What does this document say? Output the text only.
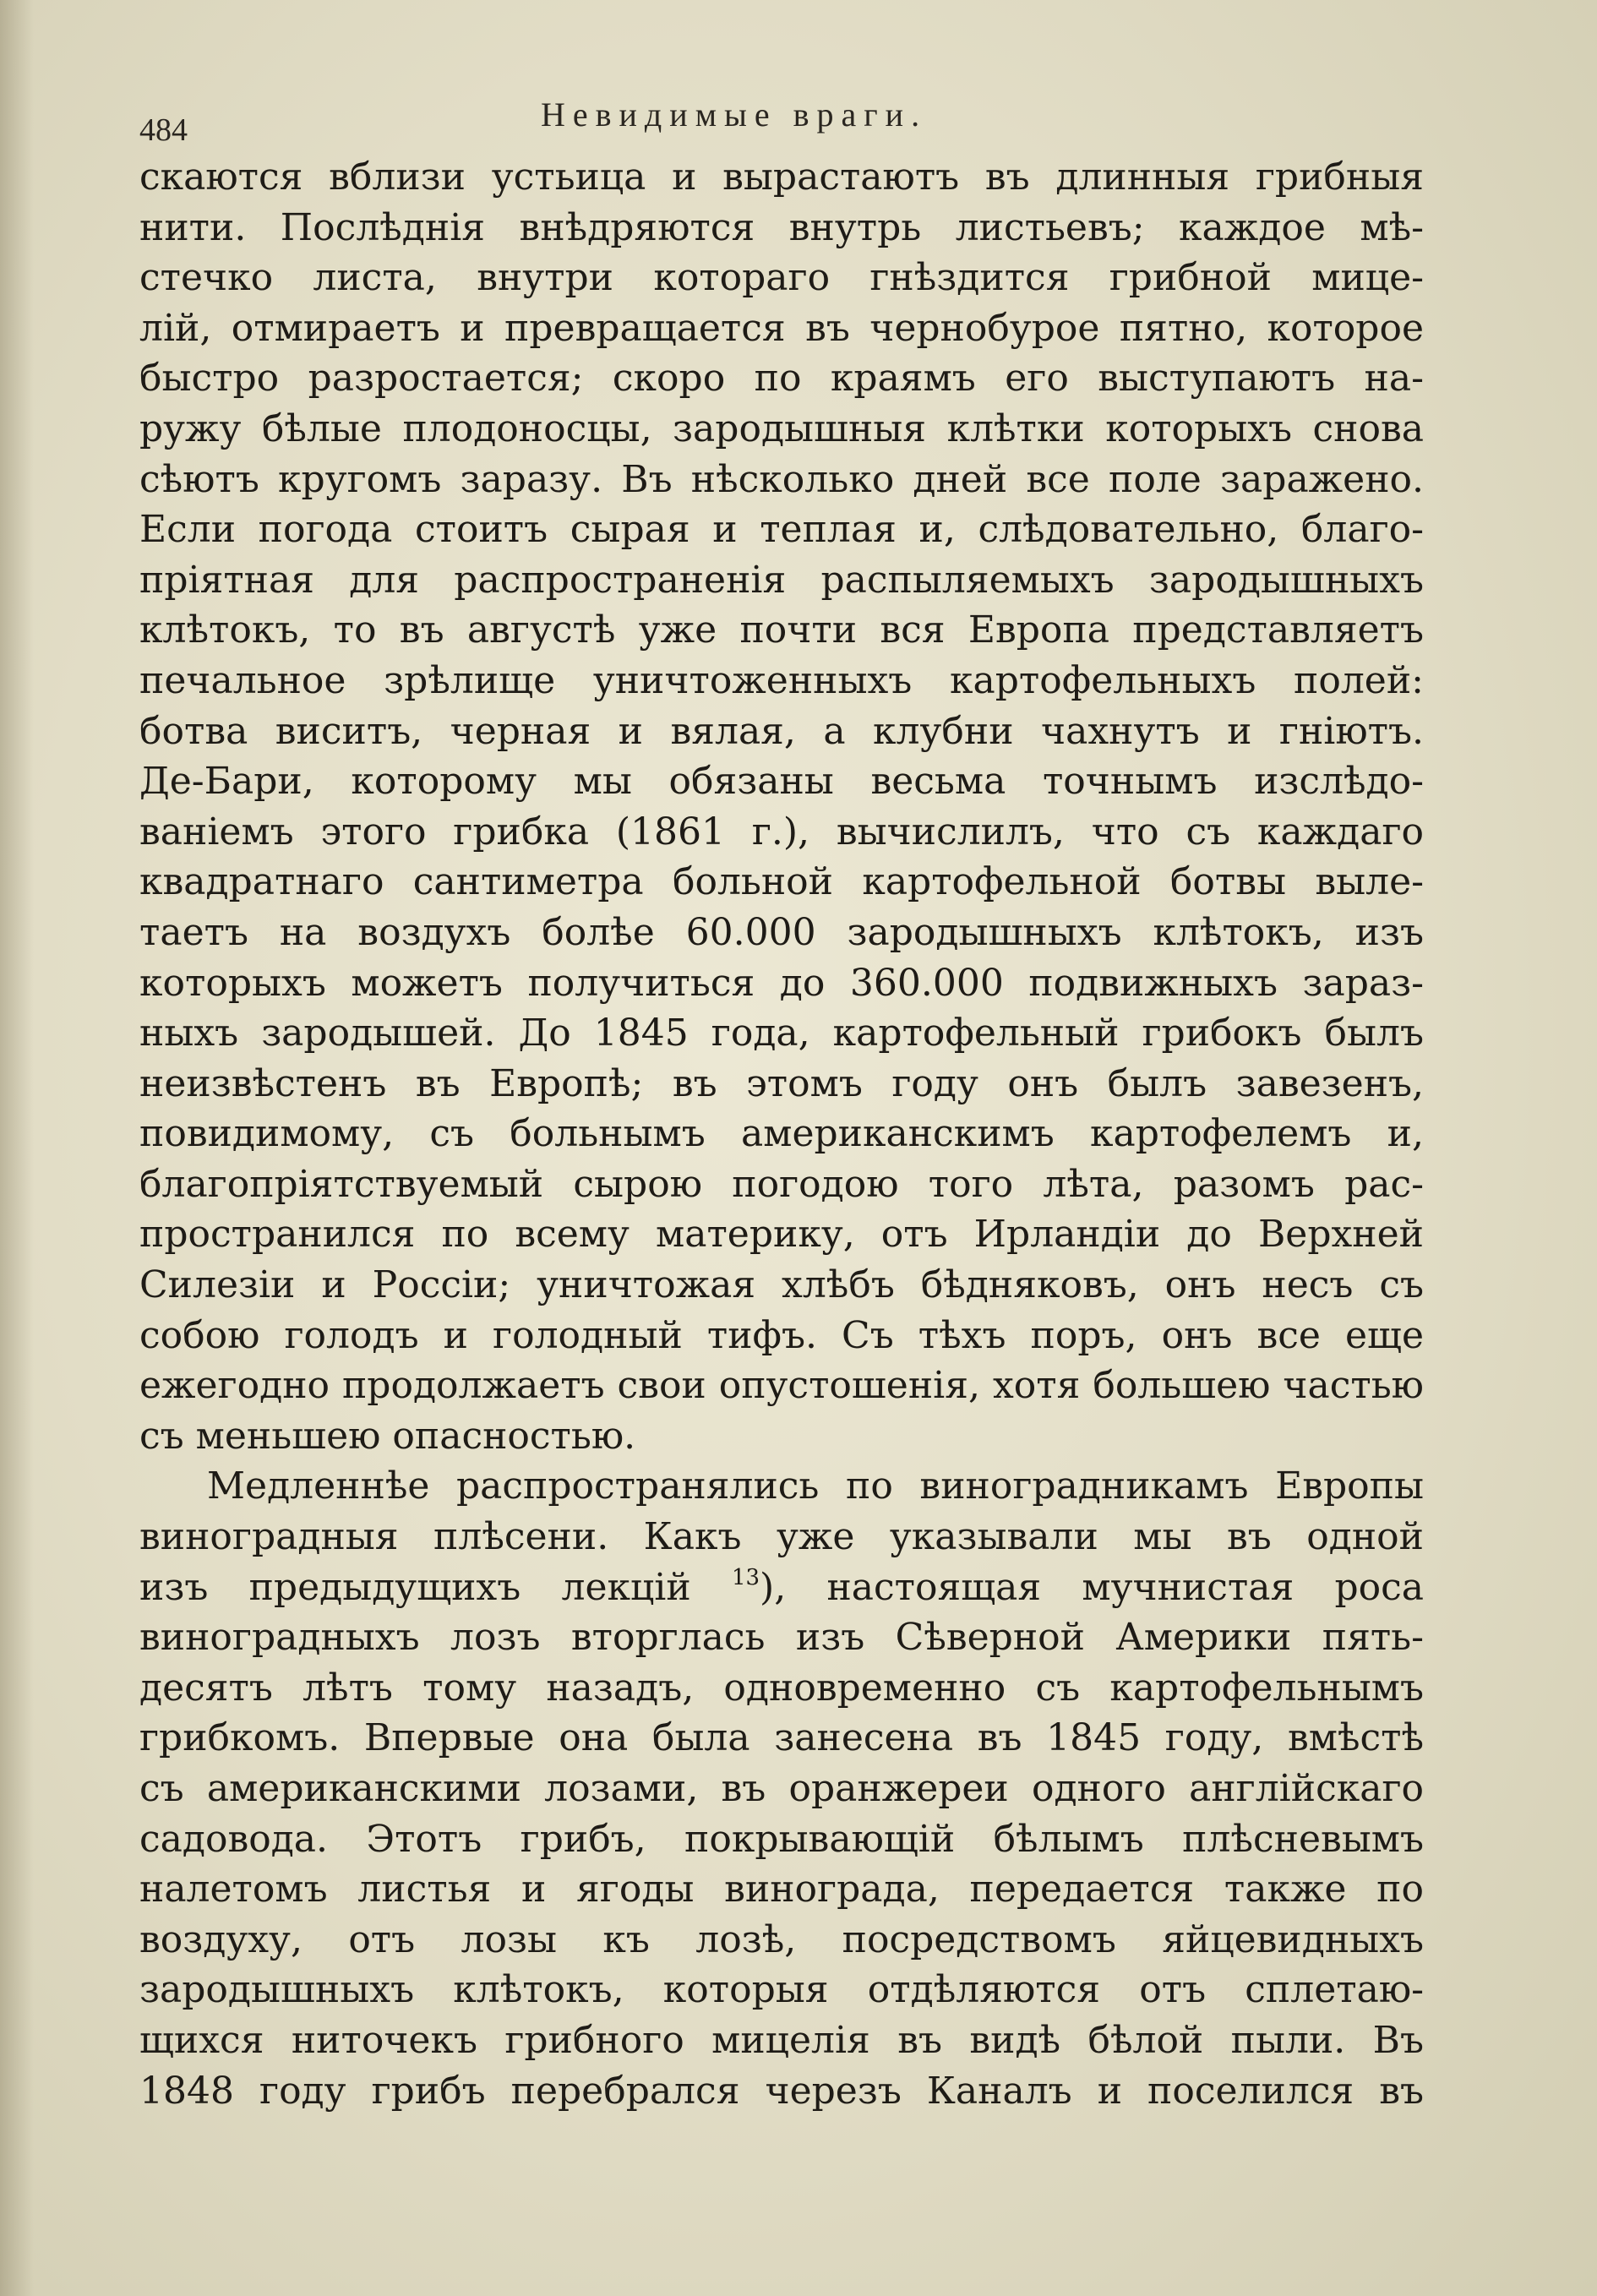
484	Невидимые враги.
скаются вблизи устьица и вырастаютъ въ длинныя грибныя
нити. Послѣднія внѣдряются внутрь листьевъ; каждое мѣ-
стечко листа, внутри котораго гнѣздится грибной мице-
лій, отмираетъ и превращается въ чернобурое пятно, которое
быстро разростается; скоро по краямъ его выступаютъ на-
ружу бѣлые плодоносцы, зародышныя клѣтки которыхъ снова
сѣютъ кругомъ заразу. Въ нѣсколько дней все поле заражено.
Если погода стоитъ сырая и теплая и, слѣдовательно, благо-
пріятная для распространенія распыляемыхъ зародышныхъ
клѣтокъ, то въ августѣ уже почти вся Европа представляетъ
печальное зрѣлище уничтоженныхъ картофельныхъ полей:
ботва виситъ, черная и вялая, а клубни чахнутъ и гніютъ.
Де-Бари, которому мы обязаны весьма точнымъ изслѣдо-
ваніемъ этого грибка (1861 г.), вычислилъ, что съ каждаго
квадратнаго сантиметра больной картофельной ботвы выле-
таетъ на воздухъ болѣе 60.000 зародышныхъ клѣтокъ, изъ
которыхъ можетъ получиться до 360.000 подвижныхъ зараз-
ныхъ зародышей. До 1845 года, картофельный грибокъ былъ
неизвѣстенъ въ Европѣ; въ этомъ году онъ былъ завезенъ,
повидимому, съ больнымъ американскимъ картофелемъ и,
благопріятствуемый сырою погодою того лѣта, разомъ рас-
пространился по всему материку, отъ Ирландіи до Верхней
Силезіи и Россіи; уничтожая хлѣбъ бѣдняковъ, онъ несъ съ
собою голодъ и голодный тифъ. Съ тѣхъ поръ, онъ все еще
ежегодно продолжаетъ свои опустошенія, хотя большею частью
съ меньшею опасностью.
Медленнѣе распространялись по виноградникамъ Европы
виноградныя плѣсени. Какъ уже указывали мы въ одной
изъ предыдущихъ лекцій $^{13}$), настоящая мучнистая роса
виноградныхъ лозъ вторглась изъ Сѣверной Америки пять-
десятъ лѣтъ тому назадъ, одновременно съ картофельнымъ
грибкомъ. Впервые она была занесена въ 1845 году, вмѣстѣ
съ американскими лозами, въ оранжереи одного англійскаго
садовода. Этотъ грибъ, покрывающій бѣлымъ плѣсневымъ
налетомъ листья и ягоды винограда, передается также по
воздуху, отъ лозы къ лозѣ, посредствомъ яйцевидныхъ
зародышныхъ клѣтокъ, которыя отдѣляются отъ сплетаю-
щихся ниточекъ грибного мицелія въ видѣ бѣлой пыли. Въ
1848 году грибъ перебрался черезъ Каналъ и поселился въ
